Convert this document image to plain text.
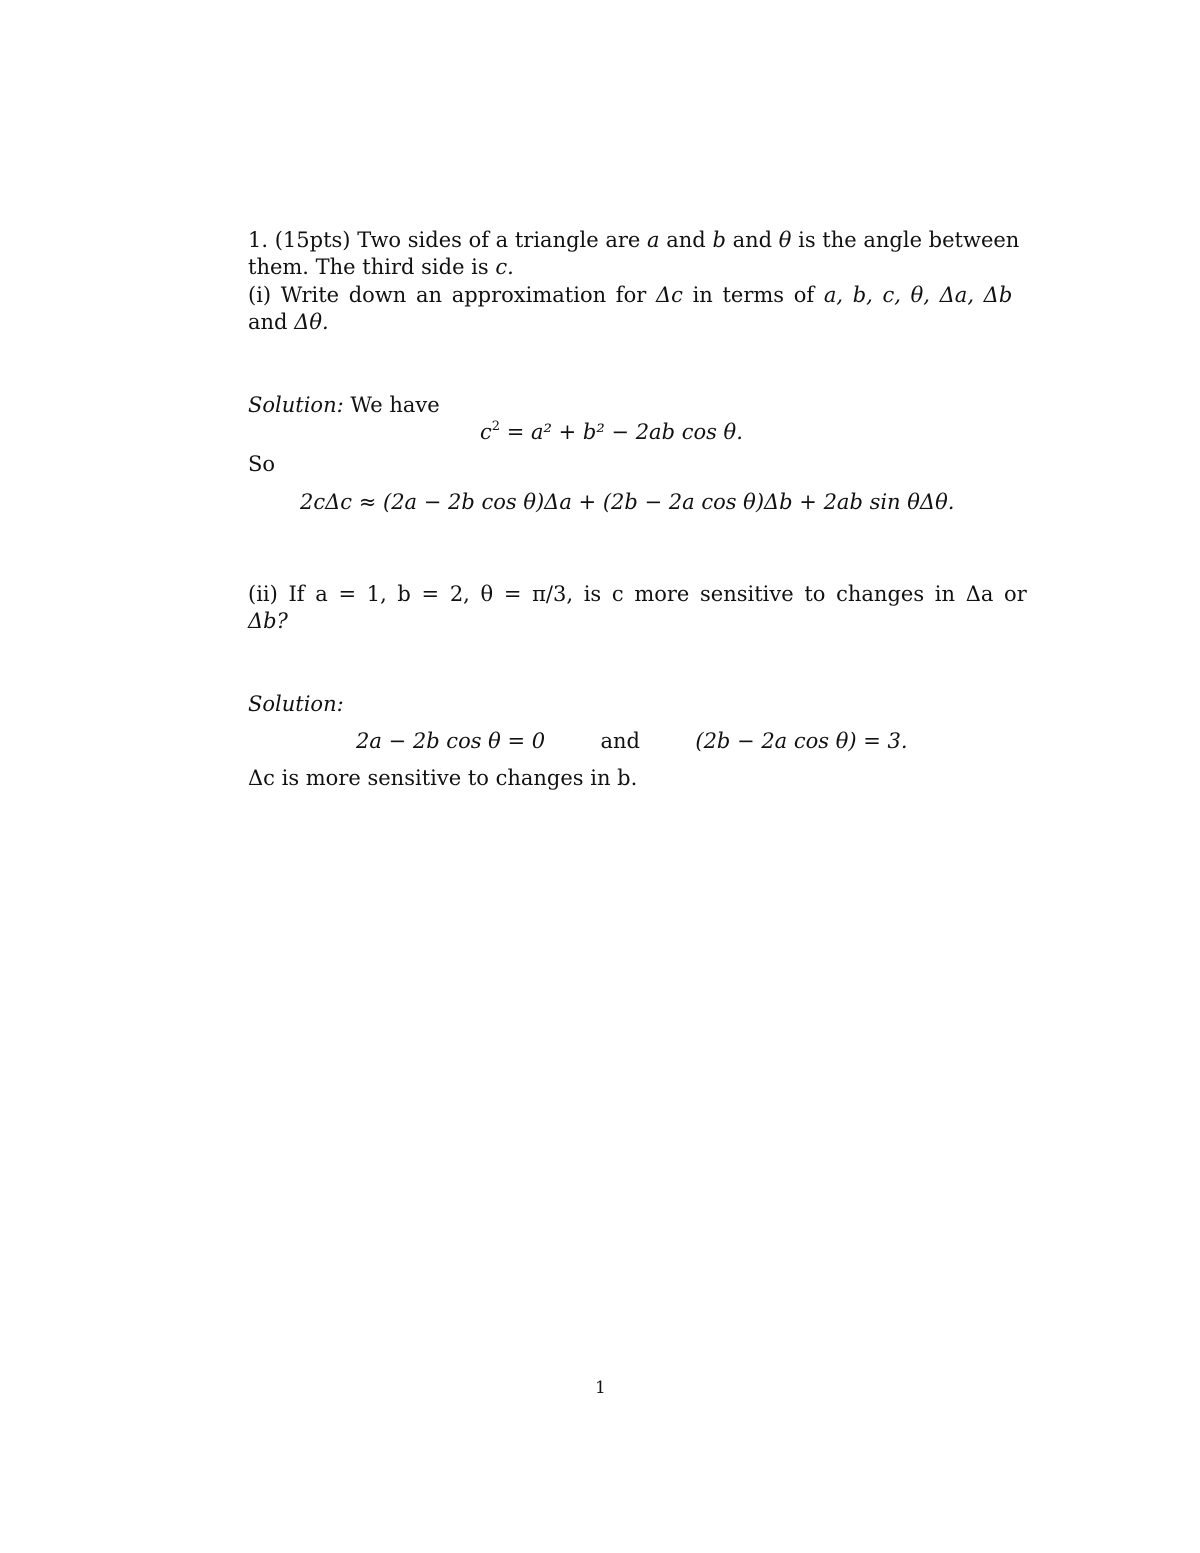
1. (15pts) Two sides of a triangle are a and b and θ is the angle between
them. The third side is c.
(i) Write down an approximation for Δc in terms of a, b, c, θ, Δa, Δb
and Δθ.
Solution: We have
$c^2 = a^2 + b^2 - 2ab$ cos θ.
So
2cΔc ≈ (2a − 2b cos θ)Δa + (2b − 2a cos θ)Δb + 2ab sin θΔθ.
(ii) If a = 1, b = 2, θ = π/3, is c more sensitive to changes in Δa or
Δb?
Solution:
2a − 2b cos θ = 0	and	(2b − 2a cos θ) = 3.
Δc is more sensitive to changes in b.
1
